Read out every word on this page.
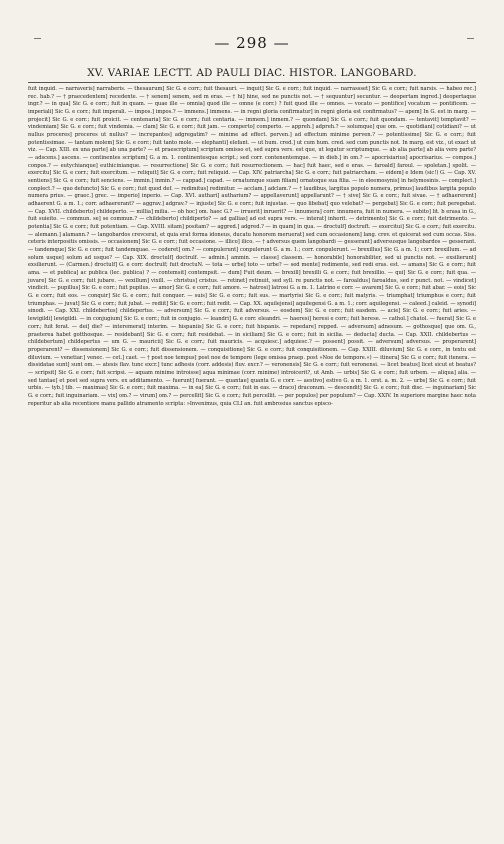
— 298 —
XV. VARIAE LECTT. AD PAULI DIAC. HISTOR. LANGOBARD.

fuit inquid. — narraveris] narraberis. — thesaurum] Sic G. e corr.; fuit thesauri. — inquit] Sic G. e corr.; fuit inquid. — narrassset] Sic G. e corr.; fuit narsis. — habeo rec.] rec. hab.? — † praecedentem] recedente. — † senem] senem, sed m eras. — † hi] hine, sed ne punctis not. — † sequuntur] secuntur. — deopertam ingred.] deopertaque ingr.? — in qua] Sic G. e corr.; fuit in quam. — quae ille — omnia] quod ille — omne (e corr.) ? fuit quod ille — omnes. — vocato — pontifice] vocatum — pontificem. — imperiali] Sic G. e corr.; fuit imperali. — impos.] impos.? — immens.] immens. — in regni gloria confirmatur] in regni gloria est confirmatus? — apem] In G. est in marg. — projecit] Sic G. e corr.; fuit proicit. — centenaria] Sic G. e corr.; fuit centaria. — immem.] inmem.? — quondam] Sic G. e corr.; fuit quondam. — tentavit] temptavit? — vindemiam] Sic G. e corr.; fuit vindemia. — clam] Sic G. e corr.; fuit jam. — comperto] comperto. — appreh.] adpreh.? — solumque] que om. — quotidiani] cotidiani? — ut nullus proceres] proceres ut nullus? — increpantes] adgregatim? — minime ad effect. perven.] ad effectum minime perven.? — potentissime] Sic G. e corr.; fuit potentissimae. — tantam molem] Sic G. e corr.; fuit tanto mole. — elephanti] elefant. — ut hum. cred.] ut cum hum. cred. sed cum punctis not. In marg. est viz., ut exact ut viz. — Cap. XIII. ex una parte] ab una parte? — et praescriptum] scriptum omisso et, sed supra vers. est que, ut legatur scriptumque. — ab alia parte] ab alia vero parte? — adscens.] ascens. — continentes scriptum] G. a m. 1. continentesque script.; sed corr. contenentemque. — in dieb.] in om.? — apocrisiarius] apocrisarius. — compos.] conpos.? — eutychianque] euthicinianque. — resurrectione] Sic G. e corr.; fuit resurrectionem. — hac] fuit haec, sed e eras. — faroald] faroul. — spoletan.] spolit. — exercitu] Sic G. e corr.; fuit exercitum. — reliquit] Sic G. e corr.; fuit reliquid. — Cap. XIV. patriarcha] Sic G. e corr.; fuit patriarcham. — eidem] e Idem (sic!) G. — Cap. XV. sentiens] Sic G. e corr.; fuit senciens. — immin.] inmin.? — cappad.] capad. — ornatumque suam filiam] ornatoque sua filia. — in eleemosynis] in helymosinis. — complect.] conplect.? — quo defuncto] Sic G. e corr.; fuit quod def. — redimitus] redimitur. — acclam.] adclam.? — † laudibus, largitus populo numera, primus] laudibus largita populo numera prius. — graec.] grec. — imperio] inperio. — Cap. XVI. authari] autharium? — appellaverunt] appellarunt? — † sive] Sic G. e corr.; fuit sivae. — † adhaererent] adhaerent G. a m. 1.; corr. adhaererant? — aggrav.] adgrav.? — injuste] Sic G. e corr.; fuit injustae. — quo libebat] quo velebat? — pergebat] Sic G. e corr.; fuit peregebat. — Cap. XVII. childeberto] childeperto. — millia] milia. — ob hoc] om. haec G.? — irruerit] inruerit? — innumera] corr. innumera, fuit in numera. — subito] lit. b erasa in G., fuit suieito. — commun. se] se commun.? — childeberto] childiperto? — ad gallias] ad est supra vers. — interat] inherit. — detrimento] Sic G. e corr.; fuit detrimento. — potentia] Sic G. e corr.; fuit potentiam. — Cap. XVIII. sitam] positam? — aggred.] adgred.? — in quam] in qua. — droctulf] doctruft. — exercitui] Sic G. e corr.; fuit exercitu. — alemann.] alamann.? — langobardos crevcerat, et quia erat forma idoneus, ducatu honorem meruerat] sed cum occasionem] lang. crev. et quicerat sed cum occas. Siss. ceteris interpositis omissis. — occasionem] Sic G. e corr.; fuit occasione. — illico] ilico. — † adversus quem langobardi — gesserant] adversusque langobardos — gesserant. — tandemque] Sic G. e corr.; fuit tandemquae. — cederet] om.? — compulerunt] conpulerunt G. a m. 1.; corr. conpulerunt. — brexillus] Sic G. a m. 1; corr. brexillum. — ad solum usque] solum ad usque? — Cap. XIX. droctulf] doctrulf. — admin.] ammin. — classe] classem. — honorabile] honorabiliter, sed ui punctis not. — exsilierunt] exsilierunt. — (Carmen.) droctulf] G. e corr. doctrulf; fuit droctuN. — tota — urbe] toto — urbe? — sed mente] redimente, sed redi eras. est. — amans] Sic G. e corr.; fuit ama. — et publica] ac publica (lec. publica) ? — contemsit] contempsit. — dum] Fuit deum. — brexill] brexilli G. e corr.; fuit brexillio. — qui] Sic G. e corr.; fuit qua. — juvare] Sic G. e corr.; fuit jubare. — vexillum] vixill. — christus] cristus. — retinet] retinuit, sed syll. re punctis not. — faroaldus] faroaldus, sed r punct. not. — vindicet] vindicit. — pupillus] Sic G. e corr.; fuit pupilus. — amor] Sic G. e corr.; fuit amore. — hatrosi] latrosi G. a m. 1. Latrino e corr. — avarem] Sic G. e corr.; fuit abar. — eois] Sic G. e corr.; fuit eos. — conquir] Sic G. e corr.; fuit conquer. — suis] Sic G. e corr.; fuit sus. — martyrisi Sic G. e corr.; fuit matyris. — triumphat] triumphus e corr.; fuit triumphas. — juvat] Sic G. e corr.; fuit jubat. — rediit] Sic G. e corr.; fuit redit. — Cap. XX. aquilejensi] aquilegensi G. a m. 1.; corr. aquilegensi. — caleed.] caleid. — synodi] sinodi. — Cap. XXI. childebertus] childepertus. — adversum] Sic G. e corr.; fuit adversus. — eosdem] Sic G. e corr.; fuit easdem. — acie] Sic G. e corr.; fuit aries. — lewigildi] lewigildi. — in conjugium] Sic G. e corr.; fuit in conjugio. — leandri] G. e corr. eleandri. — haeresi] heresi e corr.; fuit herese. — cathol.] chatol. — fuerat] Sic G. e corr.; fuit ferat. — dei] die? — interemerat] interim. — hispaniis] Sic G. e corr.; fuit hispanis. — repedare] repped. — adversum] adnesum. — gothosque] que om. G., praeterea habet gotthosque. — residebant] Sic G. e corr.; fuit residebat. — in siciliam] Sic G. e corr.; fuit in sicilia. — deducta] ducta. — Cap. XXII. childebertus — childebertum] childepertus — um G. — mauricii] Sic G. e corr.; fuit mauricis. — acquiesc.] adquiesc.? — possent] possit. — adversum] adversus. — properarent] properarent? — dissensionem] Sic G. e corr.; fuit dissensionem. — conquisitione] Sic G. e corr.; fuit conquisitionem. — Cap. XXIII. diluvium] Sic G. e corr., in textu est diluvium. — venetiar.] venec. — cet.] caet. — † post noe tempus] post noe de tempore (lege omissa praep. post »Noe de tempore.«) — itinera] Sic G. e corr.; fuit itenera. — dissidatae sunt] sunt om. — atesis flav. tunc excr.] tunc adhesis (corr. addesis) fluv. excr.? — veronensis] Sic G. e corr.; fuit veronensi. — licet beatus] licet sicut et beatus? — scripsit] Sic G. e corr.; fuit scripsi. — aquam minime introisse] aqua minimae (corr. minime) introicerit?, ut Amb. — urbis] Sic G. e corr.; fuit urbem. — aliqua] alia. — sed tantae] et post sed supra vers. ex additamento. — fuerunt] fuerant. — quantae] quanta G. e corr. — aestivo] estivo G. a m. 1. orst. a. m. 2. — urbs] Sic G. e corr.; fuit urbis. — tyb.] tib. — maximas] Sic G. e corr.; fuit maxima. — in ea] Sic G. e corr.; fuit in eas. — draco] draconum. — descendit] Sic G. e corr.; fuit disc. — inguinariam] Sic G. e corr.; fuit inguinariam. — vix] om.? — virum] om.? — percellit] Sic G. e corr.; fuit percellit. — per populos] per populum? — Cap. XXIV. In superiore margine haec nota reperitur ab alia recentiore manu pallido atramento scripta: »Invenimus, quia CLI an. fuit ambrosius sanctus episco-
